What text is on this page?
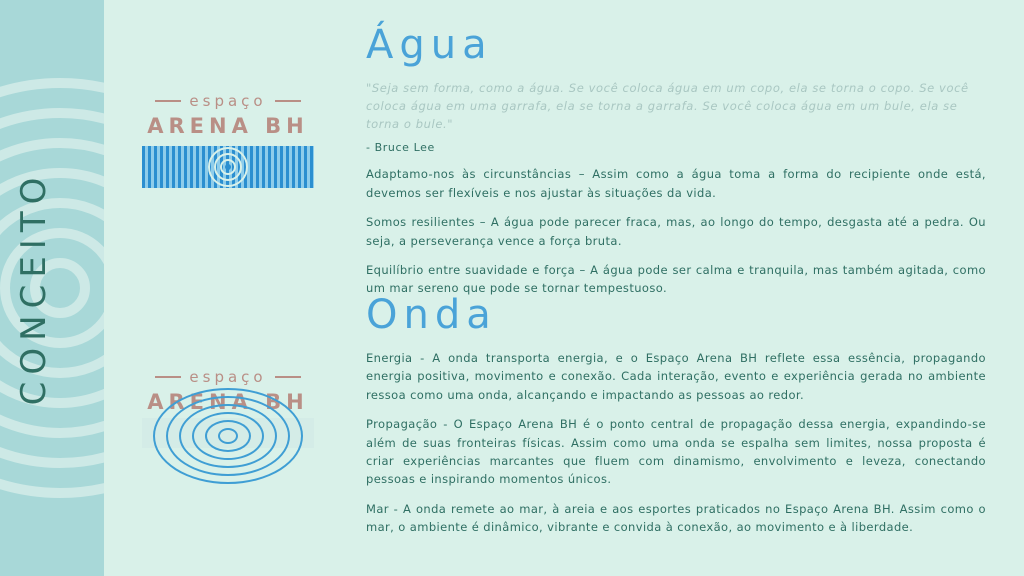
CONCEITO
espaço
ARENA BH
espaço
ARENA BH
Água
"Seja sem forma, como a água. Se você coloca água em um copo, ela se torna o copo. Se você coloca água em uma garrafa, ela se torna a garrafa. Se você coloca água em um bule, ela se torna o bule."
- Bruce Lee

Adaptamo-nos às circunstâncias – Assim como a água toma a forma do recipiente onde está, devemos ser flexíveis e nos ajustar às situações da vida.

Somos resilientes – A água pode parecer fraca, mas, ao longo do tempo, desgasta até a pedra. Ou seja, a perseverança vence a força bruta.

Equilíbrio entre suavidade e força – A água pode ser calma e tranquila, mas também agitada, como um mar sereno que pode se tornar tempestuoso.

Onda

Energia - A onda transporta energia, e o Espaço Arena BH reflete essa essência, propagando energia positiva, movimento e conexão. Cada interação, evento e experiência gerada no ambiente ressoa como uma onda, alcançando e impactando as pessoas ao redor.

Propagação - O Espaço Arena BH é o ponto central de propagação dessa energia, expandindo-se além de suas fronteiras físicas. Assim como uma onda se espalha sem limites, nossa proposta é criar experiências marcantes que fluem com dinamismo, envolvimento e leveza, conectando pessoas e inspirando momentos únicos.

Mar - A onda remete ao mar, à areia e aos esportes praticados no Espaço Arena BH. Assim como o mar, o ambiente é dinâmico, vibrante e convida à conexão, ao movimento e à liberdade.
